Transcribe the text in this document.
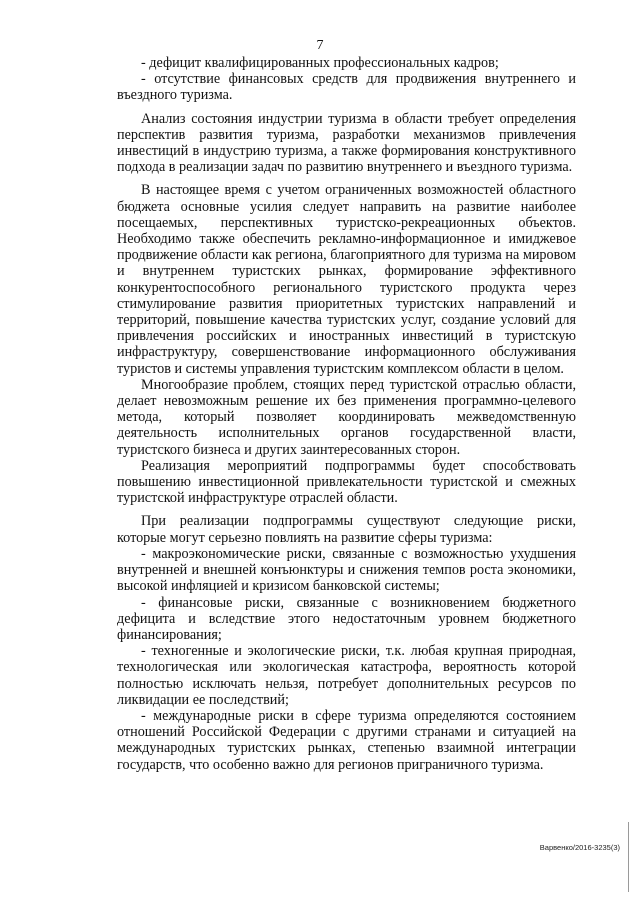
7

- дефицит квалифицированных профессиональных кадров;

- отсутствие финансовых средств для продвижения внутреннего и въездного туризма.

Анализ состояния индустрии туризма в области требует определения перспектив развития туризма, разработки механизмов привлечения инвестиций в индустрию туризма, а также формирования конструктивного подхода в реализации задач по развитию внутреннего и въездного туризма.

В настоящее время с учетом ограниченных возможностей областного бюджета основные усилия следует направить на развитие наиболее посещаемых, перспективных туристско-рекреационных объектов. Необходимо также обеспечить рекламно-информационное и имиджевое продвижение области как региона, благоприятного для туризма на мировом и внутреннем туристских рынках, формирование эффективного конкурентоспособного регионального туристского продукта через стимулирование развития приоритетных туристских направлений и территорий, повышение качества туристских услуг, создание условий для привлечения российских и иностранных инвестиций в туристскую инфраструктуру, совершенствование информационного обслуживания туристов и системы управления туристским комплексом области в целом.

Многообразие проблем, стоящих перед туристской отраслью области, делает невозможным решение их без применения программно-целевого метода, который позволяет координировать межведомственную деятельность исполнительных органов государственной власти, туристского бизнеса и других заинтересованных сторон.

Реализация мероприятий подпрограммы будет способствовать повышению инвестиционной привлекательности туристской и смежных туристской инфраструктуре отраслей области.

При реализации подпрограммы существуют следующие риски, которые могут серьезно повлиять на развитие сферы туризма:

- макроэкономические риски, связанные с возможностью ухудшения внутренней и внешней конъюнктуры и снижения темпов роста экономики, высокой инфляцией и кризисом банковской системы;

- финансовые риски, связанные с возникновением бюджетного дефицита и вследствие этого недостаточным уровнем бюджетного финансирования;

- техногенные и экологические риски, т.к. любая крупная природная, технологическая или экологическая катастрофа, вероятность которой полностью исключать нельзя, потребует дополнительных ресурсов по ликвидации ее последствий;

- международные риски в сфере туризма определяются состоянием отношений Российской Федерации с другими странами и ситуацией на международных туристских рынках, степенью взаимной интеграции государств, что особенно важно для регионов приграничного туризма.

Варвенко/2016-3235(3)
